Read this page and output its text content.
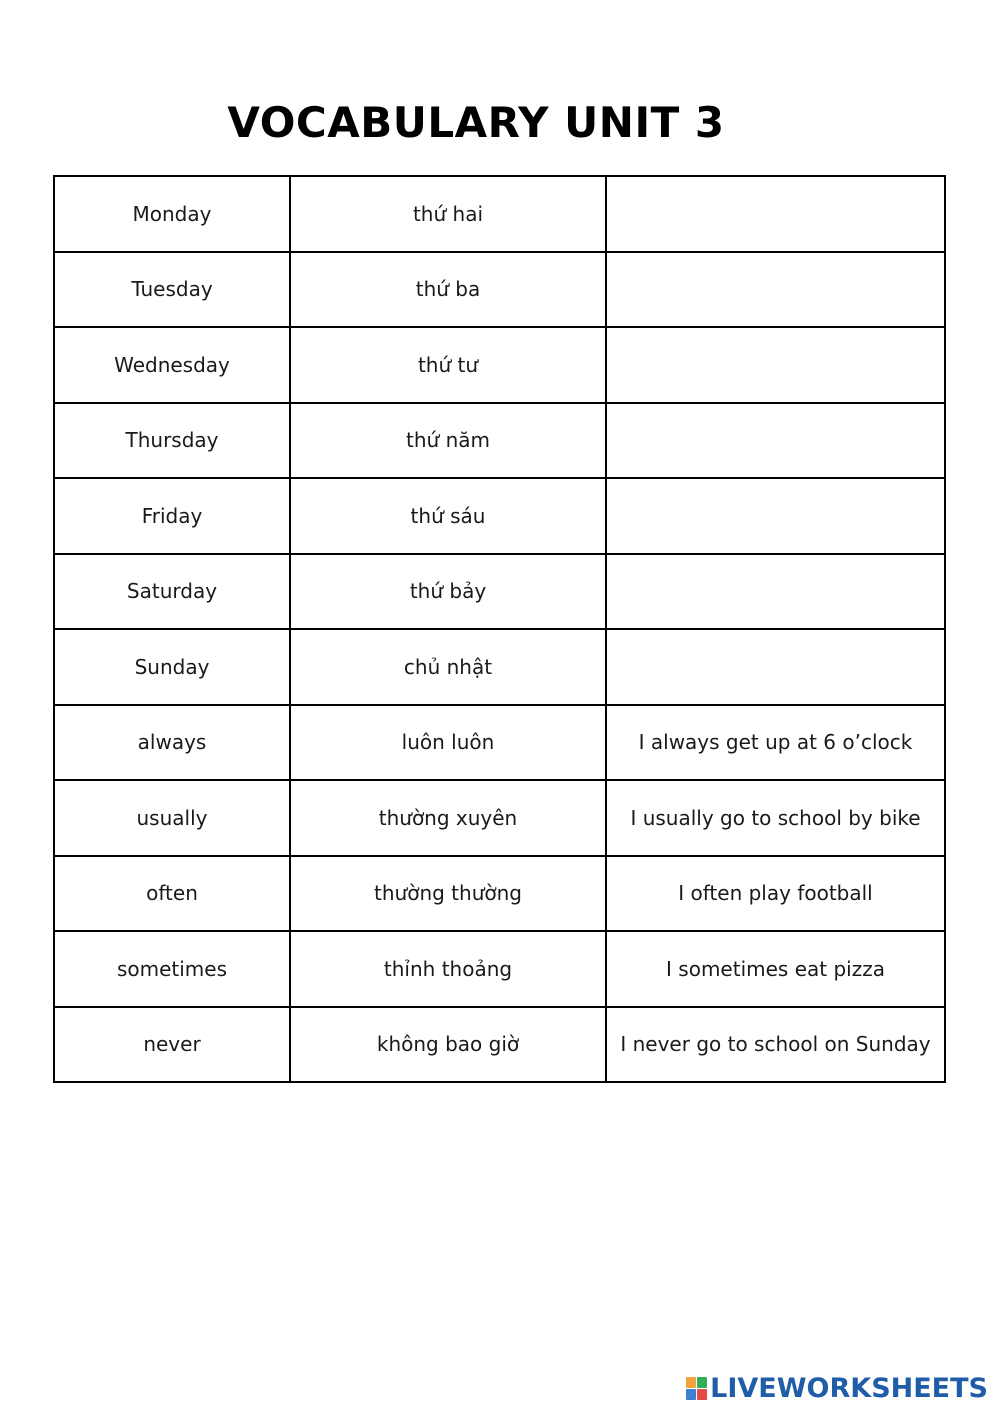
VOCABULARY UNIT 3
Monday	thứ hai	
Tuesday	thứ ba	
Wednesday	thứ tư	
Thursday	thứ năm	
Friday	thứ sáu	
Saturday	thứ bảy	
Sunday	chủ nhật	
always	luôn luôn	I always get up at 6 o’clock
usually	thường xuyên	I usually go to school by bike
often	thường thường	I often play football
sometimes	thỉnh thoảng	I sometimes eat pizza
never	không bao giờ	I never go to school on Sunday
LIVEWORKSHEETS
